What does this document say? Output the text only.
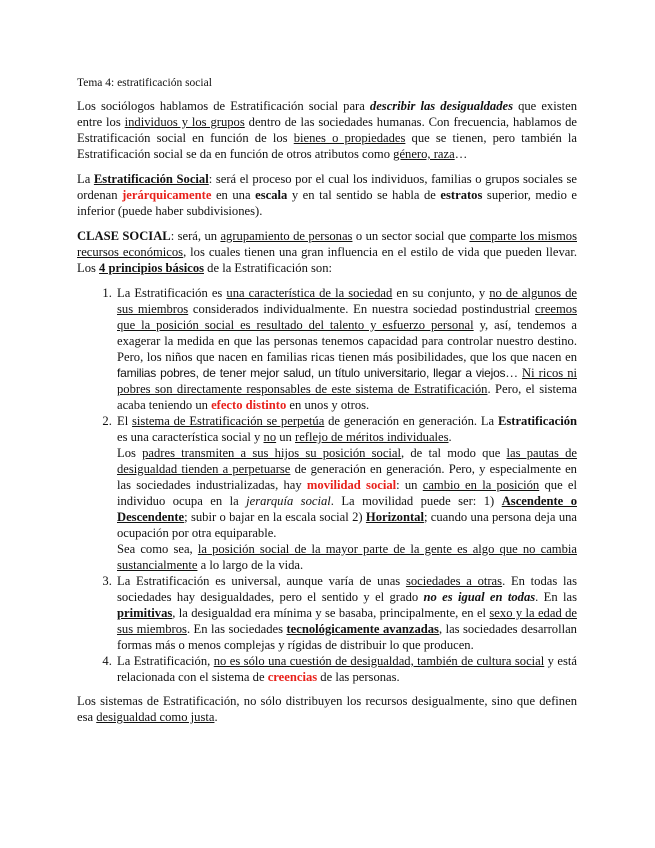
Tema 4: estratificación social

Los sociólogos hablamos de Estratificación social para describir las desigualdades que existen entre los individuos y los grupos dentro de las sociedades humanas. Con frecuencia, hablamos de Estratificación social en función de los bienes o propiedades que se tienen, pero también la Estratificación social se da en función de otros atributos como género, raza…

La Estratificación Social: será el proceso por el cual los individuos, familias o grupos sociales se ordenan jerárquicamente en una escala y en tal sentido se habla de estratos superior, medio e inferior (puede haber subdivisiones).

CLASE SOCIAL: será, un agrupamiento de personas o un sector social que comparte los mismos recursos económicos, los cuales tienen una gran influencia en el estilo de vida que pueden llevar. Los 4 principios básicos de la Estratificación son:

1. La Estratificación es una característica de la sociedad en su conjunto, y no de algunos de sus miembros considerados individualmente. En nuestra sociedad postindustrial creemos que la posición social es resultado del talento y esfuerzo personal y, así, tendemos a exagerar la medida en que las personas tenemos capacidad para controlar nuestro destino. Pero, los niños que nacen en familias ricas tienen más posibilidades, que los que nacen en familias pobres, de tener mejor salud, un título universitario, llegar a viejos… Ni ricos ni pobres son directamente responsables de este sistema de Estratificación. Pero, el sistema acaba teniendo un efecto distinto en unos y otros.

2. El sistema de Estratificación se perpetúa de generación en generación. La Estratificación es una característica social y no un reflejo de méritos individuales.

Los padres transmiten a sus hijos su posición social, de tal modo que las pautas de desigualdad tienden a perpetuarse de generación en generación. Pero, y especialmente en las sociedades industrializadas, hay movilidad social: un cambio en la posición que el individuo ocupa en la jerarquía social. La movilidad puede ser: 1) Ascendente o Descendente; subir o bajar en la escala social 2) Horizontal; cuando una persona deja una ocupación por otra equiparable.

Sea como sea, la posición social de la mayor parte de la gente es algo que no cambia sustancialmente a lo largo de la vida.

3. La Estratificación es universal, aunque varía de unas sociedades a otras. En todas las sociedades hay desigualdades, pero el sentido y el grado no es igual en todas. En las primitivas, la desigualdad era mínima y se basaba, principalmente, en el sexo y la edad de sus miembros. En las sociedades tecnológicamente avanzadas, las sociedades desarrollan formas más o menos complejas y rígidas de distribuir lo que producen.
4. La Estratificación, no es sólo una cuestión de desigualdad, también de cultura social y está relacionada con el sistema de creencias de las personas.

Los sistemas de Estratificación, no sólo distribuyen los recursos desigualmente, sino que definen esa desigualdad como justa.
